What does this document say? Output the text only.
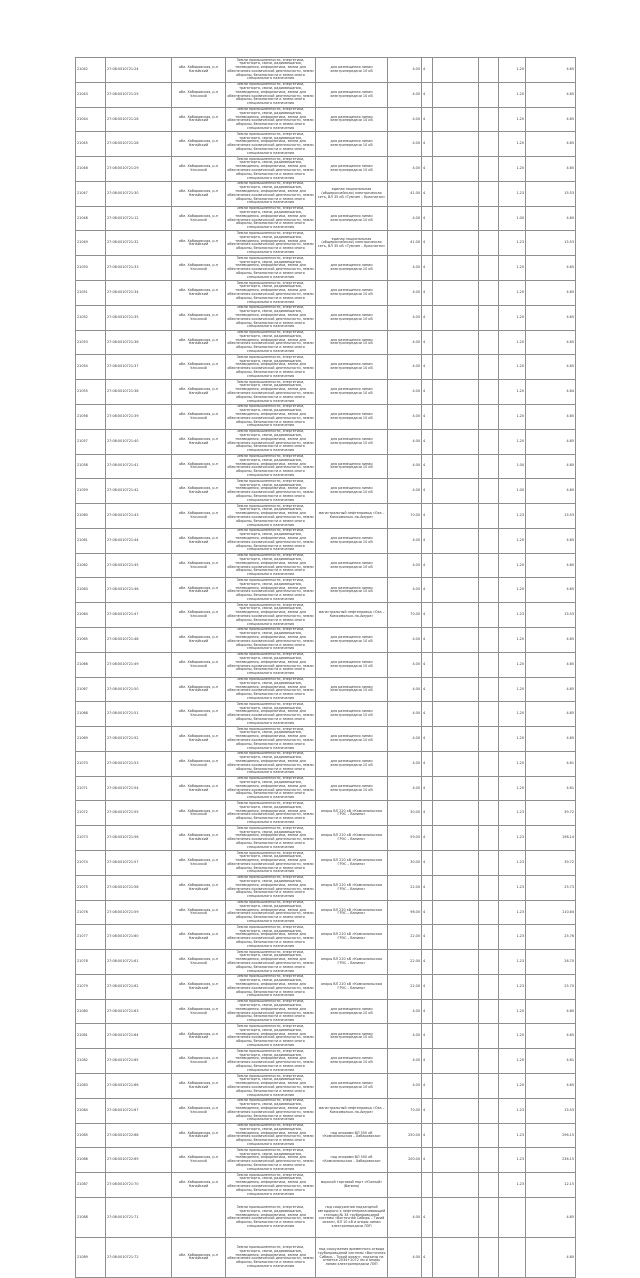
21042	27:08:0010721:24	обл. Хабаровская, р-н Нанайский	Земли промышленности, энергетики, транспорта, связи, радиовещания, телевидения, информатики, земли для обеспечения космической деятельности, земли обороны, безопасности и земли иного специального назначения	для размещения линии электропередачи 10 кВ	4.00	4			1.20	4.65
21043	27:08:0010721:25	обл. Хабаровская, р-н Ульчский	Земли промышленности, энергетики, транспорта, связи, радиовещания, телевидения, информатики, земли для обеспечения космической деятельности, земли обороны, безопасности и земли иного специального назначения	для размещения линии электропередачи 10 кВ	4.00	4			1.20	4.65
21044	27:08:0010721:26	обл. Хабаровская, р-н Нанайский	Земли промышленности, энергетики, транспорта, связи, радиовещания, телевидения, информатики, земли для обеспечения космической деятельности, земли обороны, безопасности и земли иного специального назначения	для размещения линии электропередачи 10 кВ	4.00	4			1.20	4.65
21045	27:08:0010721:28	обл. Хабаровская, р-н Нанайский	Земли промышленности, энергетики, транспорта, связи, радиовещания, телевидения, информатики, земли для обеспечения космической деятельности, земли обороны, безопасности и земли иного специального назначения	для размещения линии электропередачи 10 кВ	4.00	4			1.20	4.65
21046	27:08:0010721:29	обл. Хабаровская, р-н Ульчский	Земли промышленности, энергетики, транспорта, связи, радиовещания, телевидения, информатики, земли для обеспечения космической деятельности, земли обороны, безопасности и земли иного специального назначения	для размещения линии электропередачи 10 кВ	4.00	4			1.20	4.65
21047	27:08:0010721:30	обл. Хабаровская, р-н Нанайский	Земли промышленности, энергетики, транспорта, связи, радиовещания, телевидения, информатики, земли для обеспечения космической деятельности, земли обороны, безопасности и земли иного специального назначения	единая национальная (общероссийская) электрическая сеть, ВЛ 35 кВ «Тумнин – Краснотал»	41.00	4			1.23	15.53
21048	27:08:0010721:12	обл. Хабаровская, р-н Ульчский	Земли промышленности, энергетики, транспорта, связи, радиовещания, телевидения, информатики, земли для обеспечения космической деятельности, земли обороны, безопасности и земли иного специального назначения	для размещения линии электропередачи 10 кВ	4.00	4			1.00	4.60
21049	27:08:0010721:32	обл. Хабаровская, р-н Нанайский	Земли промышленности, энергетики, транспорта, связи, радиовещания, телевидения, информатики, земли для обеспечения космической деятельности, земли обороны, безопасности и земли иного специального назначения	единая национальная (общероссийская) электрическая сеть, ВЛ 35 кВ «Тумнин – Краснотал»	41.00	4			1.23	15.53
21050	27:08:0010721:33	обл. Хабаровская, р-н Ульчский	Земли промышленности, энергетики, транспорта, связи, радиовещания, телевидения, информатики, земли для обеспечения космической деятельности, земли обороны, безопасности и земли иного специального назначения	для размещения линии электропередачи 10 кВ	4.00	4			1.20	4.65
21051	27:08:0010721:34	обл. Хабаровская, р-н Нанайский	Земли промышленности, энергетики, транспорта, связи, радиовещания, телевидения, информатики, земли для обеспечения космической деятельности, земли обороны, безопасности и земли иного специального назначения	для размещения линии электропередачи 10 кВ	4.00	4			1.20	4.60
21052	27:08:0010721:35	обл. Хабаровская, р-н Ульчский	Земли промышленности, энергетики, транспорта, связи, радиовещания, телевидения, информатики, земли для обеспечения космической деятельности, земли обороны, безопасности и земли иного специального назначения	для размещения линии электропередачи 10 кВ	4.00	4			1.20	4.65
21053	27:08:0010721:36	обл. Хабаровская, р-н Нанайский	Земли промышленности, энергетики, транспорта, связи, радиовещания, телевидения, информатики, земли для обеспечения космической деятельности, земли обороны, безопасности и земли иного специального назначения	для размещения линии электропередачи 10 кВ	4.00	4			1.20	4.65
21054	27:08:0010721:37	обл. Хабаровская, р-н Ульчский	Земли промышленности, энергетики, транспорта, связи, радиовещания, телевидения, информатики, земли для обеспечения космической деятельности, земли обороны, безопасности и земли иного специального назначения	для размещения линии электропередачи 10 кВ	4.00	4			1.20	4.65
21055	27:08:0010721:38	обл. Хабаровская, р-н Нанайский	Земли промышленности, энергетики, транспорта, связи, радиовещания, телевидения, информатики, земли для обеспечения космической деятельности, земли обороны, безопасности и земли иного специального назначения	для размещения линии электропередачи 10 кВ	4.00	4			1.20	4.64
21056	27:08:0010721:39	обл. Хабаровская, р-н Ульчский	Земли промышленности, энергетики, транспорта, связи, радиовещания, телевидения, информатики, земли для обеспечения космической деятельности, земли обороны, безопасности и земли иного специального назначения	для размещения линии электропередачи 10 кВ	4.00	4			1.20	4.65
21057	27:08:0010721:40	обл. Хабаровская, р-н Нанайский	Земли промышленности, энергетики, транспорта, связи, радиовещания, телевидения, информатики, земли для обеспечения космической деятельности, земли обороны, безопасности и земли иного специального назначения	для размещения линии электропередачи 10 кВ	4.00	4			1.20	4.65
21058	27:08:0010721:41	обл. Хабаровская, р-н Ульчский	Земли промышленности, энергетики, транспорта, связи, радиовещания, телевидения, информатики, земли для обеспечения космической деятельности, земли обороны, безопасности и земли иного специального назначения	для размещения линии электропередачи 10 кВ	4.00	4			1.00	4.60
21059	27:08:0010721:42	обл. Хабаровская, р-н Нанайский	Земли промышленности, энергетики, транспорта, связи, радиовещания, телевидения, информатики, земли для обеспечения космической деятельности, земли обороны, безопасности и земли иного специального назначения	для размещения линии электропередачи 10 кВ	4.00	4			1.00	4.60
21060	27:08:0010721:43	обл. Хабаровская, р-н Ульчский	Земли промышленности, энергетики, транспорта, связи, радиовещания, телевидения, информатики, земли для обеспечения космической деятельности, земли обороны, безопасности и земли иного специального назначения	магистральный нефтепровод «Оха – Комсомольск-на-Амуре»	70.00	4			1.23	15.53
21061	27:08:0010721:44	обл. Хабаровская, р-н Нанайский	Земли промышленности, энергетики, транспорта, связи, радиовещания, телевидения, информатики, земли для обеспечения космической деятельности, земли обороны, безопасности и земли иного специального назначения	для размещения линии электропередачи 10 кВ	4.00	4			1.20	4.65
21062	27:08:0010721:45	обл. Хабаровская, р-н Ульчский	Земли промышленности, энергетики, транспорта, связи, радиовещания, телевидения, информатики, земли для обеспечения космической деятельности, земли обороны, безопасности и земли иного специального назначения	для размещения линии электропередачи 10 кВ	4.00	4			1.20	4.60
21063	27:08:0010721:46	обл. Хабаровская, р-н Нанайский	Земли промышленности, энергетики, транспорта, связи, радиовещания, телевидения, информатики, земли для обеспечения космической деятельности, земли обороны, безопасности и земли иного специального назначения	для размещения линии электропередачи 10 кВ	4.00	4			1.20	4.65
21064	27:08:0010721:47	обл. Хабаровская, р-н Ульчский	Земли промышленности, энергетики, транспорта, связи, радиовещания, телевидения, информатики, земли для обеспечения космической деятельности, земли обороны, безопасности и земли иного специального назначения	магистральный нефтепровод «Оха – Комсомольск-на-Амуре»	70.00	4			1.23	15.53
21065	27:08:0010721:48	обл. Хабаровская, р-н Нанайский	Земли промышленности, энергетики, транспорта, связи, радиовещания, телевидения, информатики, земли для обеспечения космической деятельности, земли обороны, безопасности и земли иного специального назначения	для размещения линии электропередачи 10 кВ	4.00	4			1.20	4.65
21066	27:08:0010721:49	обл. Хабаровская, р-н Ульчский	Земли промышленности, энергетики, транспорта, связи, радиовещания, телевидения, информатики, земли для обеспечения космической деятельности, земли обороны, безопасности и земли иного специального назначения	для размещения линии электропередачи 10 кВ	4.00	4			1.20	4.65
21067	27:08:0010721:50	обл. Хабаровская, р-н Нанайский	Земли промышленности, энергетики, транспорта, связи, радиовещания, телевидения, информатики, земли для обеспечения космической деятельности, земли обороны, безопасности и земли иного специального назначения	для размещения линии электропередачи 10 кВ	4.00	4			1.20	4.65
21068	27:08:0010721:51	обл. Хабаровская, р-н Ульчский	Земли промышленности, энергетики, транспорта, связи, радиовещания, телевидения, информатики, земли для обеспечения космической деятельности, земли обороны, безопасности и земли иного специального назначения	для размещения линии электропередачи 10 кВ	4.00	4			1.20	4.65
21069	27:08:0010721:52	обл. Хабаровская, р-н Нанайский	Земли промышленности, энергетики, транспорта, связи, радиовещания, телевидения, информатики, земли для обеспечения космической деятельности, земли обороны, безопасности и земли иного специального назначения	для размещения линии электропередачи 10 кВ	4.00	4			1.20	4.65
21070	27:08:0010721:53	обл. Хабаровская, р-н Ульчский	Земли промышленности, энергетики, транспорта, связи, радиовещания, телевидения, информатики, земли для обеспечения космической деятельности, земли обороны, безопасности и земли иного специального назначения	для размещения линии электропередачи 10 кВ	4.00	4			1.20	4.61
21071	27:08:0010721:54	обл. Хабаровская, р-н Нанайский	Земли промышленности, энергетики, транспорта, связи, радиовещания, телевидения, информатики, земли для обеспечения космической деятельности, земли обороны, безопасности и земли иного специального назначения	для размещения линии электропередачи 10 кВ	4.00	4			1.20	4.61
21072	27:08:0010721:55	обл. Хабаровская, р-н Ульчский	Земли промышленности, энергетики, транспорта, связи, радиовещания, телевидения, информатики, земли для обеспечения космической деятельности, земли обороны, безопасности и земли иного специального назначения	опоры ВЛ 220 кВ «Комсомольская ГРЭС – Ванино»	30.00	4			1.23	39.72
21073	27:08:0010721:56	обл. Хабаровская, р-н Нанайский	Земли промышленности, энергетики, транспорта, связи, радиовещания, телевидения, информатики, земли для обеспечения космической деятельности, земли обороны, безопасности и земли иного специального назначения	опоры ВЛ 220 кВ «Комсомольская ГРЭС – Ванино»	59.00	4			1.23	198.14
21074	27:08:0010721:57	обл. Хабаровская, р-н Ульчский	Земли промышленности, энергетики, транспорта, связи, радиовещания, телевидения, информатики, земли для обеспечения космической деятельности, земли обороны, безопасности и земли иного специального назначения	опоры ВЛ 220 кВ «Комсомольская ГРЭС – Ванино»	30.00	4			1.23	39.72
21075	27:08:0010721:58	обл. Хабаровская, р-н Нанайский	Земли промышленности, энергетики, транспорта, связи, радиовещания, телевидения, информатики, земли для обеспечения космической деятельности, земли обороны, безопасности и земли иного специального назначения	опоры ВЛ 220 кВ «Комсомольская ГРЭС – Ванино»	22.00	4			1.23	25.73
21076	27:08:0010721:59	обл. Хабаровская, р-н Ульчский	Земли промышленности, энергетики, транспорта, связи, радиовещания, телевидения, информатики, земли для обеспечения космической деятельности, земли обороны, безопасности и земли иного специального назначения	опоры ВЛ 220 кВ «Комсомольская ГРЭС – Ванино»	96.00	4			1.23	110.84
21077	27:08:0010721:60	обл. Хабаровская, р-н Нанайский	Земли промышленности, энергетики, транспорта, связи, радиовещания, телевидения, информатики, земли для обеспечения космической деятельности, земли обороны, безопасности и земли иного специального назначения	опоры ВЛ 220 кВ «Комсомольская ГРЭС – Ванино»	22.00	4			1.23	25.76
21078	27:08:0010721:61	обл. Хабаровская, р-н Ульчский	Земли промышленности, энергетики, транспорта, связи, радиовещания, телевидения, информатики, земли для обеспечения космической деятельности, земли обороны, безопасности и земли иного специального назначения	опоры ВЛ 220 кВ «Комсомольская ГРЭС – Ванино»	22.00	4			1.23	26.70
21079	27:08:0010721:62	обл. Хабаровская, р-н Нанайский	Земли промышленности, энергетики, транспорта, связи, радиовещания, телевидения, информатики, земли для обеспечения космической деятельности, земли обороны, безопасности и земли иного специального назначения	опоры ВЛ 220 кВ «Комсомольская ГРЭС – Ванино»	22.00	4			1.23	25.70
21080	27:08:0010721:63	обл. Хабаровская, р-н Ульчский	Земли промышленности, энергетики, транспорта, связи, радиовещания, телевидения, информатики, земли для обеспечения космической деятельности, земли обороны, безопасности и земли иного специального назначения	для размещения линии электропередачи 10 кВ	4.00	4			1.20	4.60
21081	27:08:0010721:64	обл. Хабаровская, р-н Нанайский	Земли промышленности, энергетики, транспорта, связи, радиовещания, телевидения, информатики, земли для обеспечения космической деятельности, земли обороны, безопасности и земли иного специального назначения	для размещения линии электропередачи 10 кВ	4.00	4			1.20	4.65
21082	27:08:0010721:65	обл. Хабаровская, р-н Ульчский	Земли промышленности, энергетики, транспорта, связи, радиовещания, телевидения, информатики, земли для обеспечения космической деятельности, земли обороны, безопасности и земли иного специального назначения	для размещения линии электропередачи 10 кВ	4.00	4			1.20	4.61
21083	27:08:0010721:66	обл. Хабаровская, р-н Нанайский	Земли промышленности, энергетики, транспорта, связи, радиовещания, телевидения, информатики, земли для обеспечения космической деятельности, земли обороны, безопасности и земли иного специального назначения	для размещения линии электропередачи 10 кВ	4.00	4			1.20	4.65
21084	27:08:0010721:67	обл. Хабаровская, р-н Ульчский	Земли промышленности, энергетики, транспорта, связи, радиовещания, телевидения, информатики, земли для обеспечения космической деятельности, земли обороны, безопасности и земли иного специального назначения	магистральный нефтепровод «Оха – Комсомольск-на-Амуре»	70.00	4			1.23	15.53
21085	27:08:0010722:68	обл. Хабаровская, р-н Нанайский	Земли промышленности, энергетики, транспорта, связи, радиовещания, телевидения, информатики, земли для обеспечения космической деятельности, земли обороны, безопасности и земли иного специального назначения	под опорами ВЛ 500 кВ «Комсомольская – Хабаровская»	250.00	4			1.23	296.15
21086	27:08:0010722:69	обл. Хабаровская, р-н Ульчский	Земли промышленности, энергетики, транспорта, связи, радиовещания, телевидения, информатики, земли для обеспечения космической деятельности, земли обороны, безопасности и земли иного специального назначения	под опорами ВЛ 500 кВ «Комсомольская – Хабаровская»	200.00	4			1.23	236.15
21087	27:08:0010721:70	обл. Хабаровская, р-н Нанайский	Земли промышленности, энергетики, транспорта, связи, радиовещания, телевидения, информатики, земли для обеспечения космической деятельности, земли обороны, безопасности и земли иного специального назначения	морской торговый порт «Южный» (Ванино)					1.23	12.15
21088	27:08:0010721:71		Земли промышленности, энергетики, транспорта, связи, радиовещания, телевидения, информатики, земли для обеспечения космической деятельности, земли обороны, безопасности и земли иного специального назначения	под сооружения подъездной автодороги к нефтеперекачивающей станции № 34 трубопроводной системы «Восточная Сибирь – Тихий океан», ВЛ 10 кВ и опоры линии электропередачи ЛЭП	4.00	4				4.65
21089	27:08:0010721:72	обл. Хабаровская, р-н Нанайский	Земли промышленности, энергетики, транспорта, связи, радиовещания, телевидения, информатики, земли для обеспечения космической деятельности, земли обороны, безопасности и земли иного специального назначения	под сооружения временного отвода трубопроводной системы «Восточная Сибирь – Тихий океан», подъезд на отметке 2034+2072 км и опоры линии электропередачи ЛЭП	4.00	4				4.60
